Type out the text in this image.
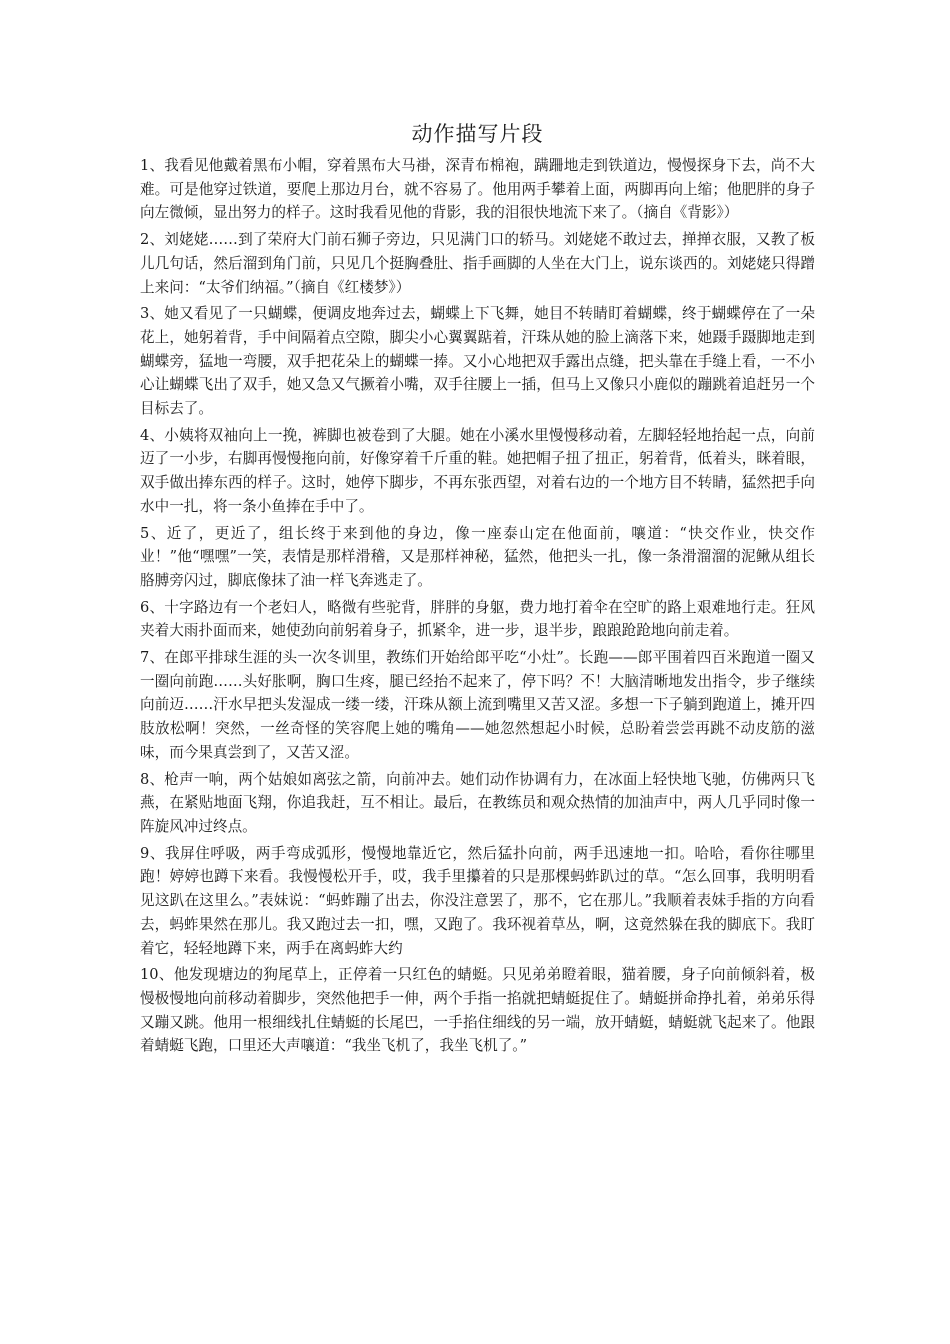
动作描写片段

1、我看见他戴着黑布小帽，穿着黑布大马褂，深青布棉袍，蹒跚地走到铁道边，慢慢探身下去，尚不大难。可是他穿过铁道，要爬上那边月台，就不容易了。他用两手攀着上面，两脚再向上缩；他肥胖的身子向左微倾，显出努力的样子。这时我看见他的背影，我的泪很快地流下来了。（摘自《背影》）

2、刘姥姥……到了荣府大门前石狮子旁边，只见满门口的轿马。刘姥姥不敢过去，掸掸衣服，又教了板儿几句话，然后溜到角门前，只见几个挺胸叠肚、指手画脚的人坐在大门上，说东谈西的。刘姥姥只得蹭上来问：“太爷们纳福。”（摘自《红楼梦》）

3、她又看见了一只蝴蝶，便调皮地奔过去，蝴蝶上下飞舞，她目不转睛盯着蝴蝶，终于蝴蝶停在了一朵花上，她躬着背，手中间隔着点空隙，脚尖小心翼翼踮着，汗珠从她的脸上滴落下来，她蹑手蹑脚地走到蝴蝶旁，猛地一弯腰，双手把花朵上的蝴蝶一捧。又小心地把双手露出点缝，把头靠在手缝上看，一不小心让蝴蝶飞出了双手，她又急又气撅着小嘴，双手往腰上一插，但马上又像只小鹿似的蹦跳着追赶另一个目标去了。

4、小姨将双袖向上一挽，裤脚也被卷到了大腿。她在小溪水里慢慢移动着，左脚轻轻地抬起一点，向前迈了一小步，右脚再慢慢拖向前，好像穿着千斤重的鞋。她把帽子扭了扭正，躬着背，低着头，眯着眼，双手做出捧东西的样子。这时，她停下脚步，不再东张西望，对着右边的一个地方目不转睛，猛然把手向水中一扎，将一条小鱼捧在手中了。

5、近了，更近了，组长终于来到他的身边，像一座泰山定在他面前，嚷道：“快交作业，快交作业！”他“嘿嘿”一笑，表情是那样滑稽，又是那样神秘，猛然，他把头一扎，像一条滑溜溜的泥鳅从组长胳膊旁闪过，脚底像抹了油一样飞奔逃走了。

6、十字路边有一个老妇人，略微有些驼背，胖胖的身躯，费力地打着伞在空旷的路上艰难地行走。狂风夹着大雨扑面而来，她使劲向前躬着身子，抓紧伞，进一步，退半步，踉踉跄跄地向前走着。

7、在郎平排球生涯的头一次冬训里，教练们开始给郎平吃“小灶”。长跑——郎平围着四百米跑道一圈又一圈向前跑……头好胀啊，胸口生疼，腿已经抬不起来了，停下吗？不！大脑清晰地发出指令，步子继续向前迈……汗水早把头发湿成一缕一缕，汗珠从额上流到嘴里又苦又涩。多想一下子躺到跑道上，摊开四肢放松啊！突然，一丝奇怪的笑容爬上她的嘴角——她忽然想起小时候，总盼着尝尝再跳不动皮筋的滋味，而今果真尝到了，又苦又涩。

8、枪声一响，两个姑娘如离弦之箭，向前冲去。她们动作协调有力，在冰面上轻快地飞驰，仿佛两只飞燕，在紧贴地面飞翔，你追我赶，互不相让。最后，在教练员和观众热情的加油声中，两人几乎同时像一阵旋风冲过终点。

9、我屏住呼吸，两手弯成弧形，慢慢地靠近它，然后猛扑向前，两手迅速地一扣。哈哈，看你往哪里跑！婷婷也蹲下来看。我慢慢松开手，哎，我手里攥着的只是那棵蚂蚱趴过的草。“怎么回事，我明明看见这趴在这里么。”表妹说：“蚂蚱蹦了出去，你没注意罢了，那不，它在那儿。”我顺着表妹手指的方向看去，蚂蚱果然在那儿。我又跑过去一扣，嘿，又跑了。我环视着草丛，啊，这竟然躲在我的脚底下。我盯着它，轻轻地蹲下来，两手在离蚂蚱大约

10、他发现塘边的狗尾草上，正停着一只红色的蜻蜓。只见弟弟瞪着眼，猫着腰，身子向前倾斜着，极慢极慢地向前移动着脚步，突然他把手一伸，两个手指一掐就把蜻蜓捉住了。蜻蜓拼命挣扎着，弟弟乐得又蹦又跳。他用一根细线扎住蜻蜓的长尾巴，一手掐住细线的另一端，放开蜻蜓，蜻蜓就飞起来了。他跟着蜻蜓飞跑，口里还大声嚷道：“我坐飞机了，我坐飞机了。”
